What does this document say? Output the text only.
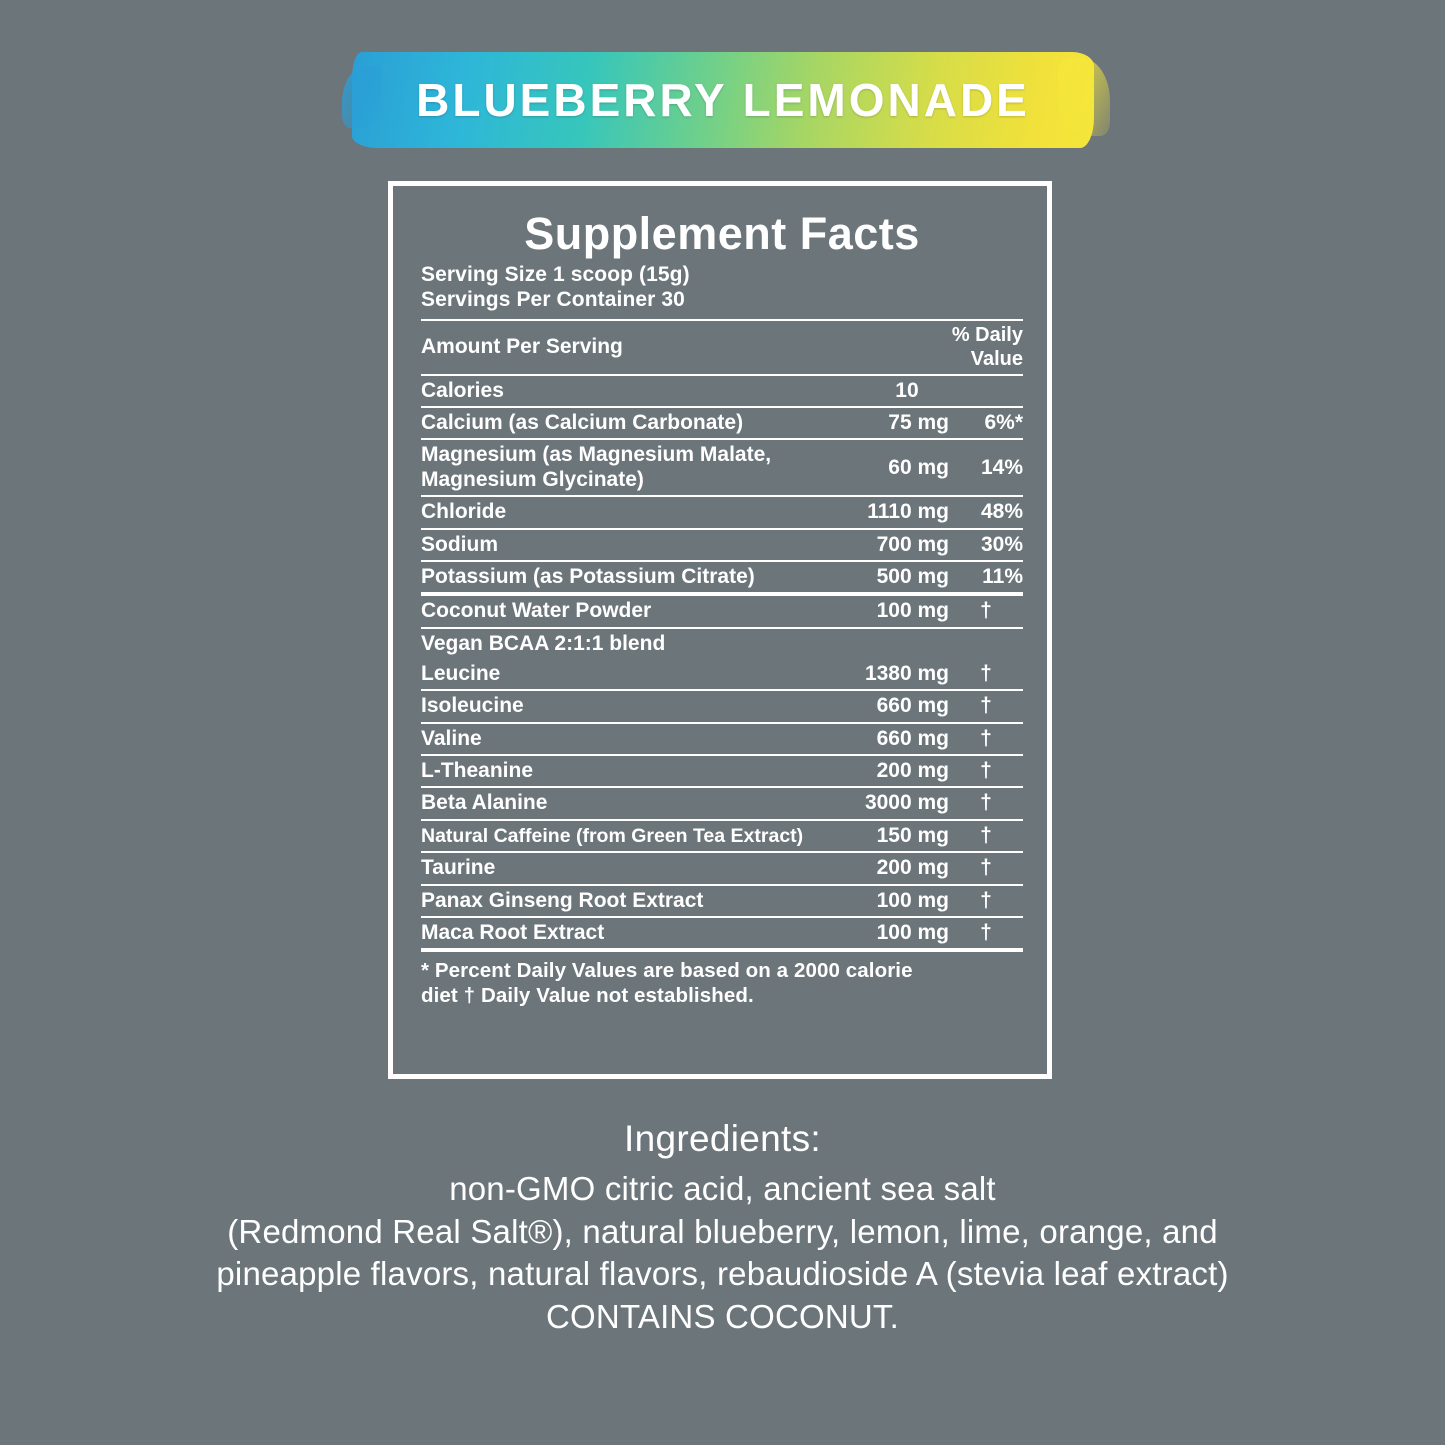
BLUEBERRY LEMONADE
Supplement Facts
Serving Size 1 scoop (15g)
Servings Per Container 30
Amount Per Serving		% Daily
Value
Calories	10	
Calcium (as Calcium Carbonate)	75 mg	6%*
Magnesium (as Magnesium Malate, Magnesium Glycinate)	60 mg	14%
Chloride	1110 mg	48%
Sodium	700 mg	30%
Potassium (as Potassium Citrate)	500 mg	11%
Coconut Water Powder	100 mg	†
Vegan BCAA 2:1:1 blend		
Leucine	1380 mg	†
Isoleucine	660 mg	†
Valine	660 mg	†
L-Theanine	200 mg	†
Beta Alanine	3000 mg	†
Natural Caffeine (from Green Tea Extract)	150 mg	†
Taurine	200 mg	†
Panax Ginseng Root Extract	100 mg	†
Maca Root Extract	100 mg	†
* Percent Daily Values are based on a 2000 calorie
diet † Daily Value not established.
Ingredients:
non-GMO citric acid, ancient sea salt
(Redmond Real Salt®), natural blueberry, lemon, lime, orange, and
pineapple flavors, natural flavors, rebaudioside A (stevia leaf extract)
CONTAINS COCONUT.
